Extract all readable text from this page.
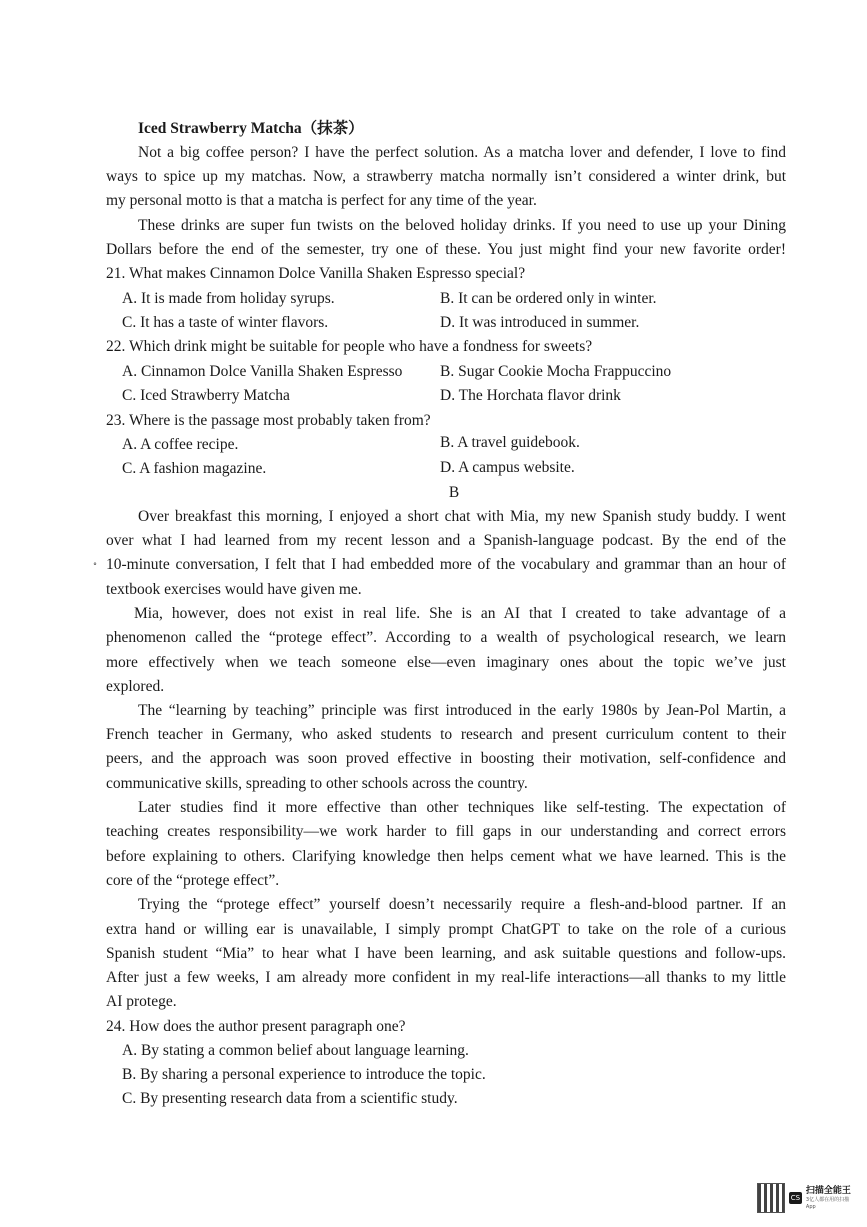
Iced Strawberry Matcha（抹茶）
Not a big coffee person? I have the perfect solution. As a matcha lover and defender, I love to find
ways to spice up my matchas. Now, a strawberry matcha normally isn’t considered a winter drink, but
my personal motto is that a matcha is perfect for any time of the year.
These drinks are super fun twists on the beloved holiday drinks. If you need to use up your Dining
Dollars before the end of the semester, try one of these. You just might find your new favorite order!
21. What makes Cinnamon Dolce Vanilla Shaken Espresso special?
A. It is made from holiday syrups.	B. It can be ordered only in winter.
C. It has a taste of winter flavors.	D. It was introduced in summer.
22. Which drink might be suitable for people who have a fondness for sweets?
A. Cinnamon Dolce Vanilla Shaken Espresso	B. Sugar Cookie Mocha Frappuccino
C. Iced Strawberry Matcha	D. The Horchata flavor drink
23. Where is the passage most probably taken from?
A. A coffee recipe.	B. A travel guidebook.
C. A fashion magazine.	D. A campus website.
B
Over breakfast this morning, I enjoyed a short chat with Mia, my new Spanish study buddy. I went
over what I had learned from my recent lesson and a Spanish-language podcast. By the end of the
˚ 10-minute conversation, I felt that I had embedded more of the vocabulary and grammar than an hour of
textbook exercises would have given me.
Mia, however, does not exist in real life. She is an AI that I created to take advantage of a
phenomenon called the “protege effect”. According to a wealth of psychological research, we learn
more effectively when we teach someone else—even imaginary ones about the topic we’ve just
explored.
The “learning by teaching” principle was first introduced in the early 1980s by Jean-Pol Martin, a
French teacher in Germany, who asked students to research and present curriculum content to their
peers, and the approach was soon proved effective in boosting their motivation, self-confidence and
communicative skills, spreading to other schools across the country.
Later studies find it more effective than other techniques like self-testing. The expectation of
teaching creates responsibility—we work harder to fill gaps in our understanding and correct errors
before explaining to others. Clarifying knowledge then helps cement what we have learned. This is the
core of the “protege effect”.
Trying the “protege effect” yourself doesn’t necessarily require a flesh-and-blood partner. If an
extra hand or willing ear is unavailable, I simply prompt ChatGPT to take on the role of a curious
Spanish student “Mia” to hear what I have been learning, and ask suitable questions and follow-ups.
After just a few weeks, I am already more confident in my real-life interactions—all thanks to my little
AI protege.
24. How does the author present paragraph one?
A. By stating a common belief about language learning.
B. By sharing a personal experience to introduce the topic.
C. By presenting research data from a scientific study.
CS
扫描全能王
3亿人都在用的扫描App
